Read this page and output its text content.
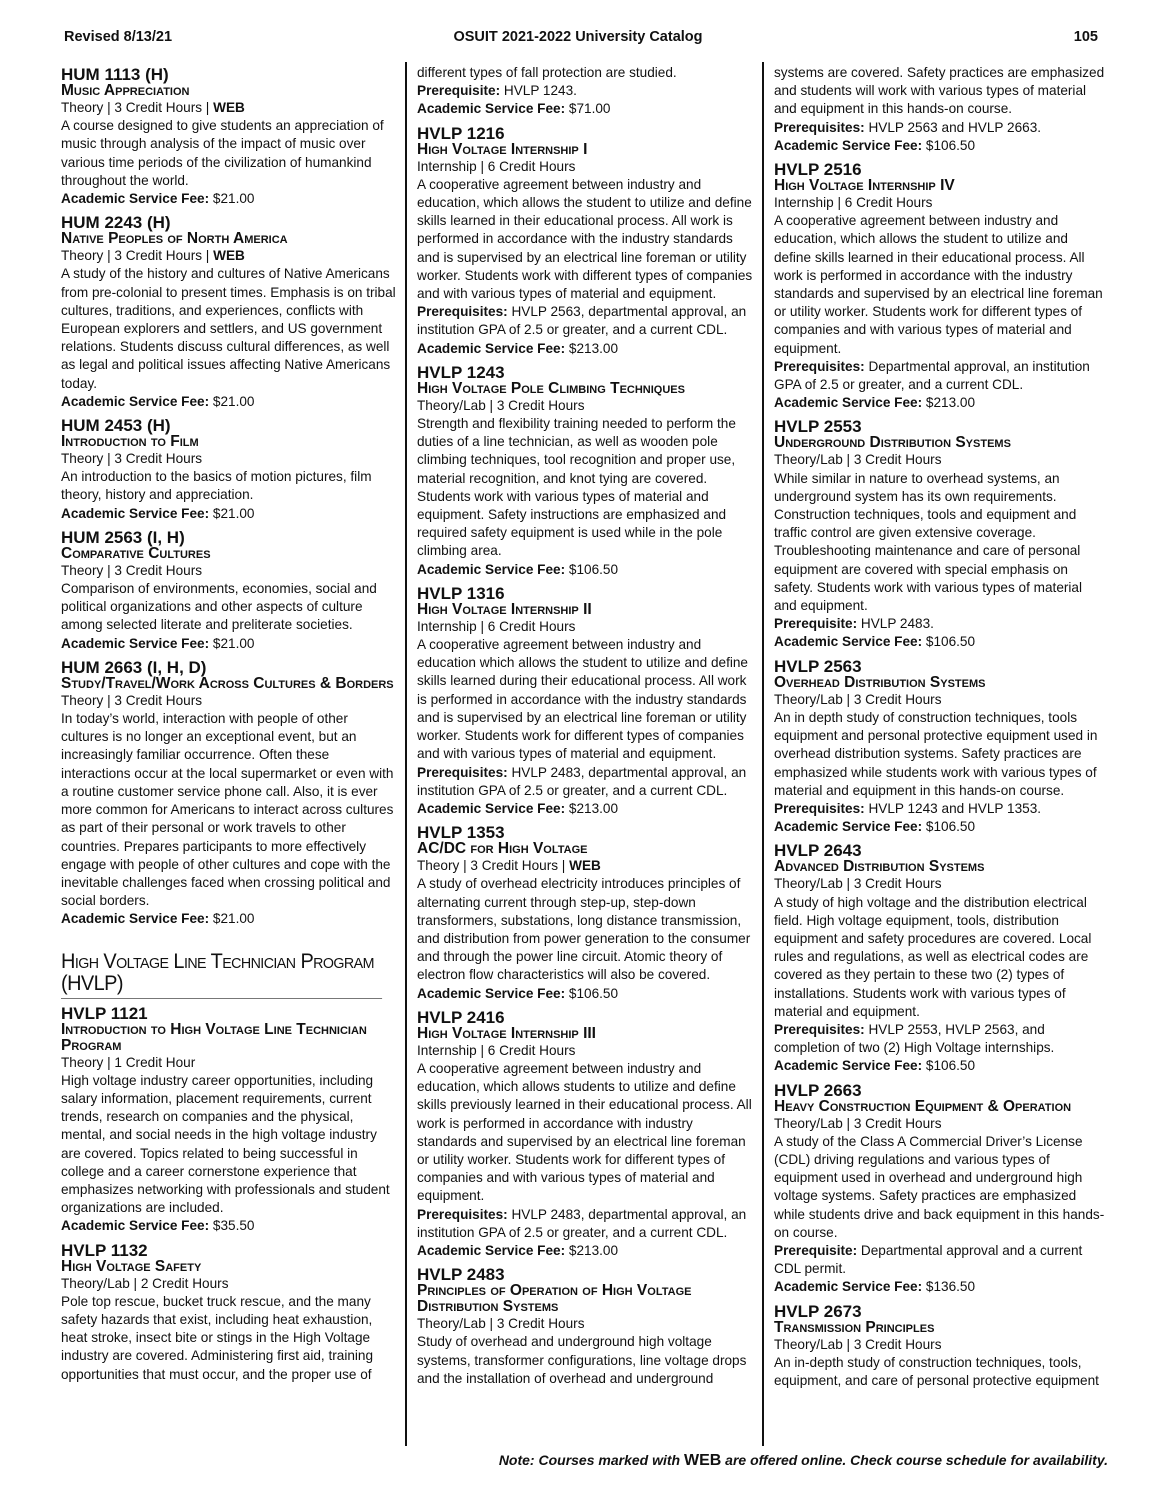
Revised 8/13/21	OSUIT 2021-2022 University Catalog	105
HUM 1113 (H)
Music Appreciation
Theory | 3 Credit Hours | WEB
A course designed to give students an appreciation of music through analysis of the impact of music over various time periods of the civilization of humankind throughout the world.
Academic Service Fee: $21.00
HUM 2243 (H)
Native Peoples of North America
Theory | 3 Credit Hours | WEB
A study of the history and cultures of Native Americans from pre-colonial to present times. Emphasis is on tribal cultures, traditions, and experiences, conflicts with European explorers and settlers, and US government relations. Students discuss cultural differences, as well as legal and political issues affecting Native Americans today.
Academic Service Fee: $21.00
HUM 2453 (H)
Introduction to Film
Theory | 3 Credit Hours
An introduction to the basics of motion pictures, film theory, history and appreciation.
Academic Service Fee: $21.00
HUM 2563 (I, H)
Comparative Cultures
Theory | 3 Credit Hours
Comparison of environments, economies, social and political organizations and other aspects of culture among selected literate and preliterate societies.
Academic Service Fee: $21.00
HUM 2663 (I, H, D)
Study/Travel/Work Across Cultures & Borders
Theory | 3 Credit Hours
In today’s world, interaction with people of other cultures is no longer an exceptional event, but an increasingly familiar occurrence. Often these interactions occur at the local supermarket or even with a routine customer service phone call. Also, it is ever more common for Americans to interact across cultures as part of their personal or work travels to other countries. Prepares participants to more effectively engage with people of other cultures and cope with the inevitable challenges faced when crossing political and social borders.
Academic Service Fee: $21.00
High Voltage Line Technician Program (HVLP)
HVLP 1121
Introduction to High Voltage Line Technician Program
Theory | 1 Credit Hour
High voltage industry career opportunities, including salary information, placement requirements, current trends, research on companies and the physical, mental, and social needs in the high voltage industry are covered. Topics related to being successful in college and a career cornerstone experience that emphasizes networking with professionals and student organizations are included.
Academic Service Fee: $35.50
HVLP 1132
High Voltage Safety
Theory/Lab | 2 Credit Hours
Pole top rescue, bucket truck rescue, and the many safety hazards that exist, including heat exhaustion, heat stroke, insect bite or stings in the High Voltage industry are covered. Administering first aid, training opportunities that must occur, and the proper use of
different types of fall protection are studied.
Prerequisite: HVLP 1243.
Academic Service Fee: $71.00
HVLP 1216
High Voltage Internship I
Internship | 6 Credit Hours
A cooperative agreement between industry and education, which allows the student to utilize and define skills learned in their educational process. All work is performed in accordance with the industry standards and is supervised by an electrical line foreman or utility worker. Students work with different types of companies and with various types of material and equipment.
Prerequisites: HVLP 2563, departmental approval, an institution GPA of 2.5 or greater, and a current CDL.
Academic Service Fee: $213.00
HVLP 1243
High Voltage Pole Climbing Techniques
Theory/Lab | 3 Credit Hours
Strength and flexibility training needed to perform the duties of a line technician, as well as wooden pole climbing techniques, tool recognition and proper use, material recognition, and knot tying are covered. Students work with various types of material and equipment. Safety instructions are emphasized and required safety equipment is used while in the pole climbing area.
Academic Service Fee: $106.50
HVLP 1316
High Voltage Internship II
Internship | 6 Credit Hours
A cooperative agreement between industry and education which allows the student to utilize and define skills learned during their educational process. All work is performed in accordance with the industry standards and is supervised by an electrical line foreman or utility worker. Students work for different types of companies and with various types of material and equipment.
Prerequisites: HVLP 2483, departmental approval, an institution GPA of 2.5 or greater, and a current CDL.
Academic Service Fee: $213.00
HVLP 1353
AC/DC for High Voltage
Theory | 3 Credit Hours | WEB
A study of overhead electricity introduces principles of alternating current through step-up, step-down transformers, substations, long distance transmission, and distribution from power generation to the consumer and through the power line circuit. Atomic theory of electron flow characteristics will also be covered.
Academic Service Fee: $106.50
HVLP 2416
High Voltage Internship III
Internship | 6 Credit Hours
A cooperative agreement between industry and education, which allows students to utilize and define skills previously learned in their educational process. All work is performed in accordance with industry standards and supervised by an electrical line foreman or utility worker. Students work for different types of companies and with various types of material and equipment.
Prerequisites: HVLP 2483, departmental approval, an institution GPA of 2.5 or greater, and a current CDL.
Academic Service Fee: $213.00
HVLP 2483
Principles of Operation of High Voltage Distribution Systems
Theory/Lab | 3 Credit Hours
Study of overhead and underground high voltage systems, transformer configurations, line voltage drops and the installation of overhead and underground
systems are covered. Safety practices are emphasized and students will work with various types of material and equipment in this hands-on course.
Prerequisites: HVLP 2563 and HVLP 2663.
Academic Service Fee: $106.50
HVLP 2516
High Voltage Internship IV
Internship | 6 Credit Hours
A cooperative agreement between industry and education, which allows the student to utilize and define skills learned in their educational process. All work is performed in accordance with the industry standards and supervised by an electrical line foreman or utility worker. Students work for different types of companies and with various types of material and equipment.
Prerequisites: Departmental approval, an institution GPA of 2.5 or greater, and a current CDL.
Academic Service Fee: $213.00
HVLP 2553
Underground Distribution Systems
Theory/Lab | 3 Credit Hours
While similar in nature to overhead systems, an underground system has its own requirements. Construction techniques, tools and equipment and traffic control are given extensive coverage. Troubleshooting maintenance and care of personal equipment are covered with special emphasis on safety. Students work with various types of material and equipment.
Prerequisite: HVLP 2483.
Academic Service Fee: $106.50
HVLP 2563
Overhead Distribution Systems
Theory/Lab | 3 Credit Hours
An in depth study of construction techniques, tools equipment and personal protective equipment used in overhead distribution systems. Safety practices are emphasized while students work with various types of material and equipment in this hands-on course.
Prerequisites: HVLP 1243 and HVLP 1353.
Academic Service Fee: $106.50
HVLP 2643
Advanced Distribution Systems
Theory/Lab | 3 Credit Hours
A study of high voltage and the distribution electrical field. High voltage equipment, tools, distribution equipment and safety procedures are covered. Local rules and regulations, as well as electrical codes are covered as they pertain to these two (2) types of installations. Students work with various types of material and equipment.
Prerequisites: HVLP 2553, HVLP 2563, and completion of two (2) High Voltage internships.
Academic Service Fee: $106.50
HVLP 2663
Heavy Construction Equipment & Operation
Theory/Lab | 3 Credit Hours
A study of the Class A Commercial Driver’s License (CDL) driving regulations and various types of equipment used in overhead and underground high voltage systems. Safety practices are emphasized while students drive and back equipment in this hands-on course.
Prerequisite: Departmental approval and a current CDL permit.
Academic Service Fee: $136.50
HVLP 2673
Transmission Principles
Theory/Lab | 3 Credit Hours
An in-depth study of construction techniques, tools, equipment, and care of personal protective equipment
Note: Courses marked with WEB are offered online. Check course schedule for availability.
